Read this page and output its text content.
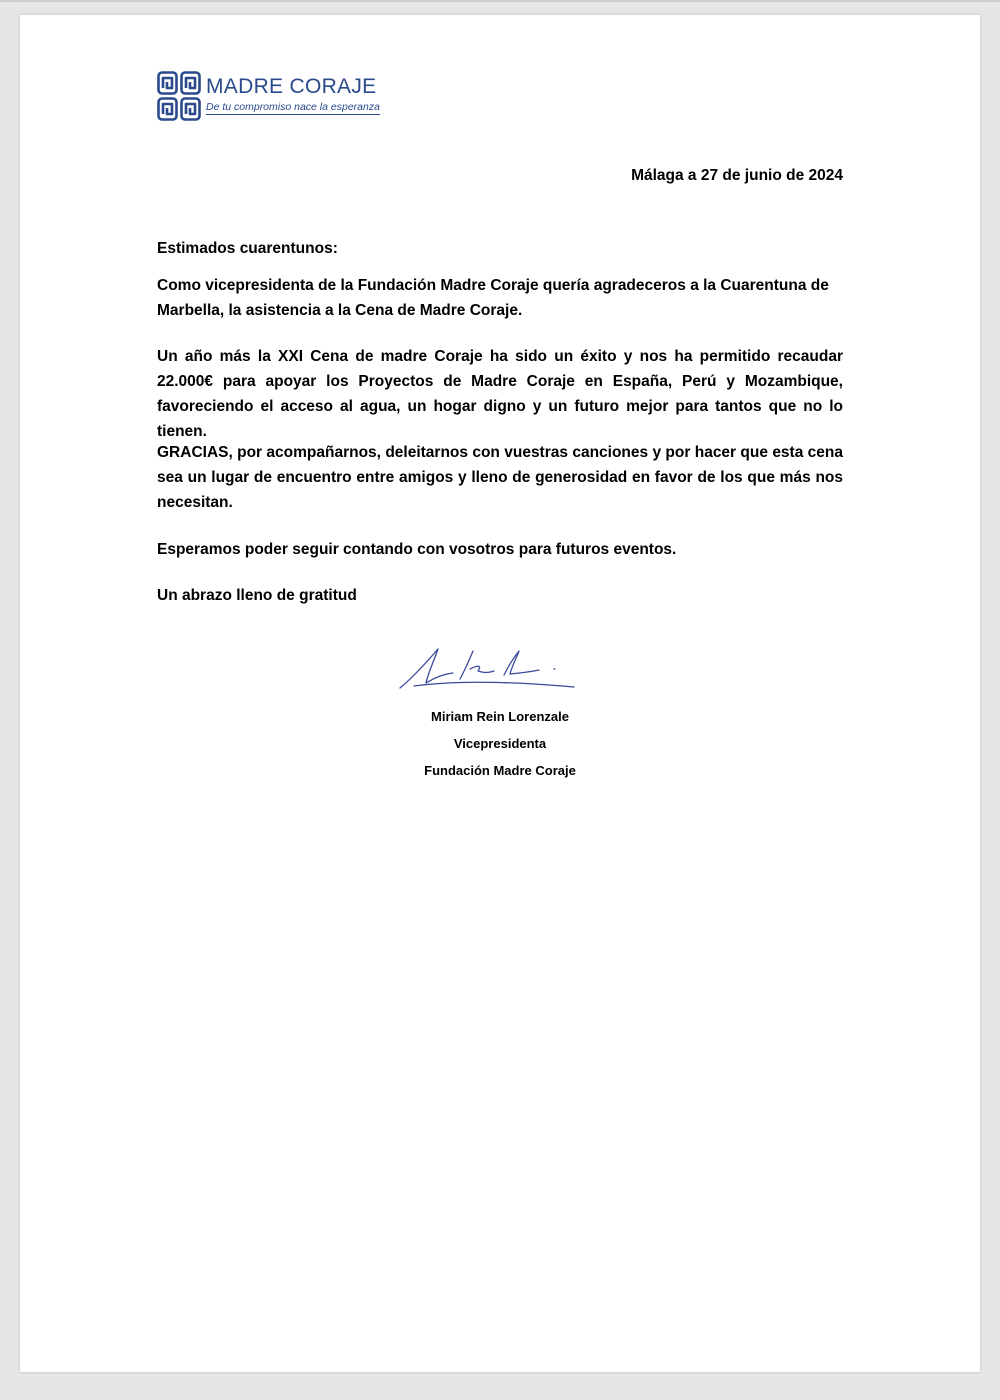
MADRE CORAJE
De tu compromiso nace la esperanza
Málaga a 27 de junio de 2024
Estimados cuarentunos:

Como vicepresidenta de la Fundación Madre Coraje quería agradeceros a la Cuarentuna de Marbella, la asistencia a la Cena de Madre Coraje.

Un año más la XXI Cena de madre Coraje ha sido un éxito y nos ha permitido recaudar 22.000€ para apoyar los Proyectos de Madre Coraje en España, Perú y Mozambique, favoreciendo el acceso al agua, un hogar digno y un futuro mejor para tantos que no lo tienen.

GRACIAS, por acompañarnos, deleitarnos con vuestras canciones y por hacer que esta cena sea un lugar de encuentro entre amigos y lleno de generosidad en favor de los que más nos necesitan.

Esperamos poder seguir contando con vosotros para futuros eventos.

Un abrazo lleno de gratitud
Miriam Rein Lorenzale
Vicepresidenta
Fundación Madre Coraje
